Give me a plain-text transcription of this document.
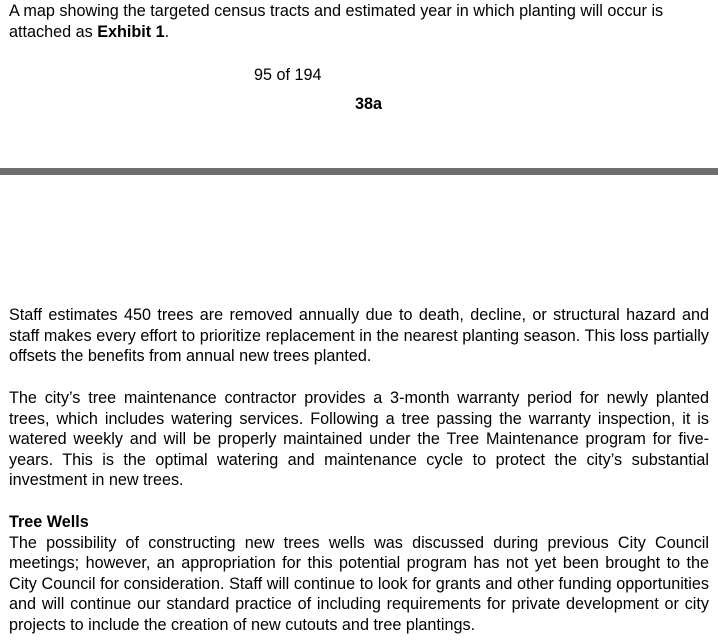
A map showing the targeted census tracts and estimated year in which planting will occur is attached as Exhibit 1.

95 of 194

38a

Staff estimates 450 trees are removed annually due to death, decline, or structural hazard and staff makes every effort to prioritize replacement in the nearest planting season. This loss partially offsets the benefits from annual new trees planted.

The city’s tree maintenance contractor provides a 3-month warranty period for newly planted trees, which includes watering services. Following a tree passing the warranty inspection, it is watered weekly and will be properly maintained under the Tree Maintenance program for five-years. This is the optimal watering and maintenance cycle to protect the city’s substantial investment in new trees.

Tree Wells
The possibility of constructing new trees wells was discussed during previous City Council meetings; however, an appropriation for this potential program has not yet been brought to the City Council for consideration. Staff will continue to look for grants and other funding opportunities and will continue our standard practice of including requirements for private development or city projects to include the creation of new cutouts and tree plantings.
